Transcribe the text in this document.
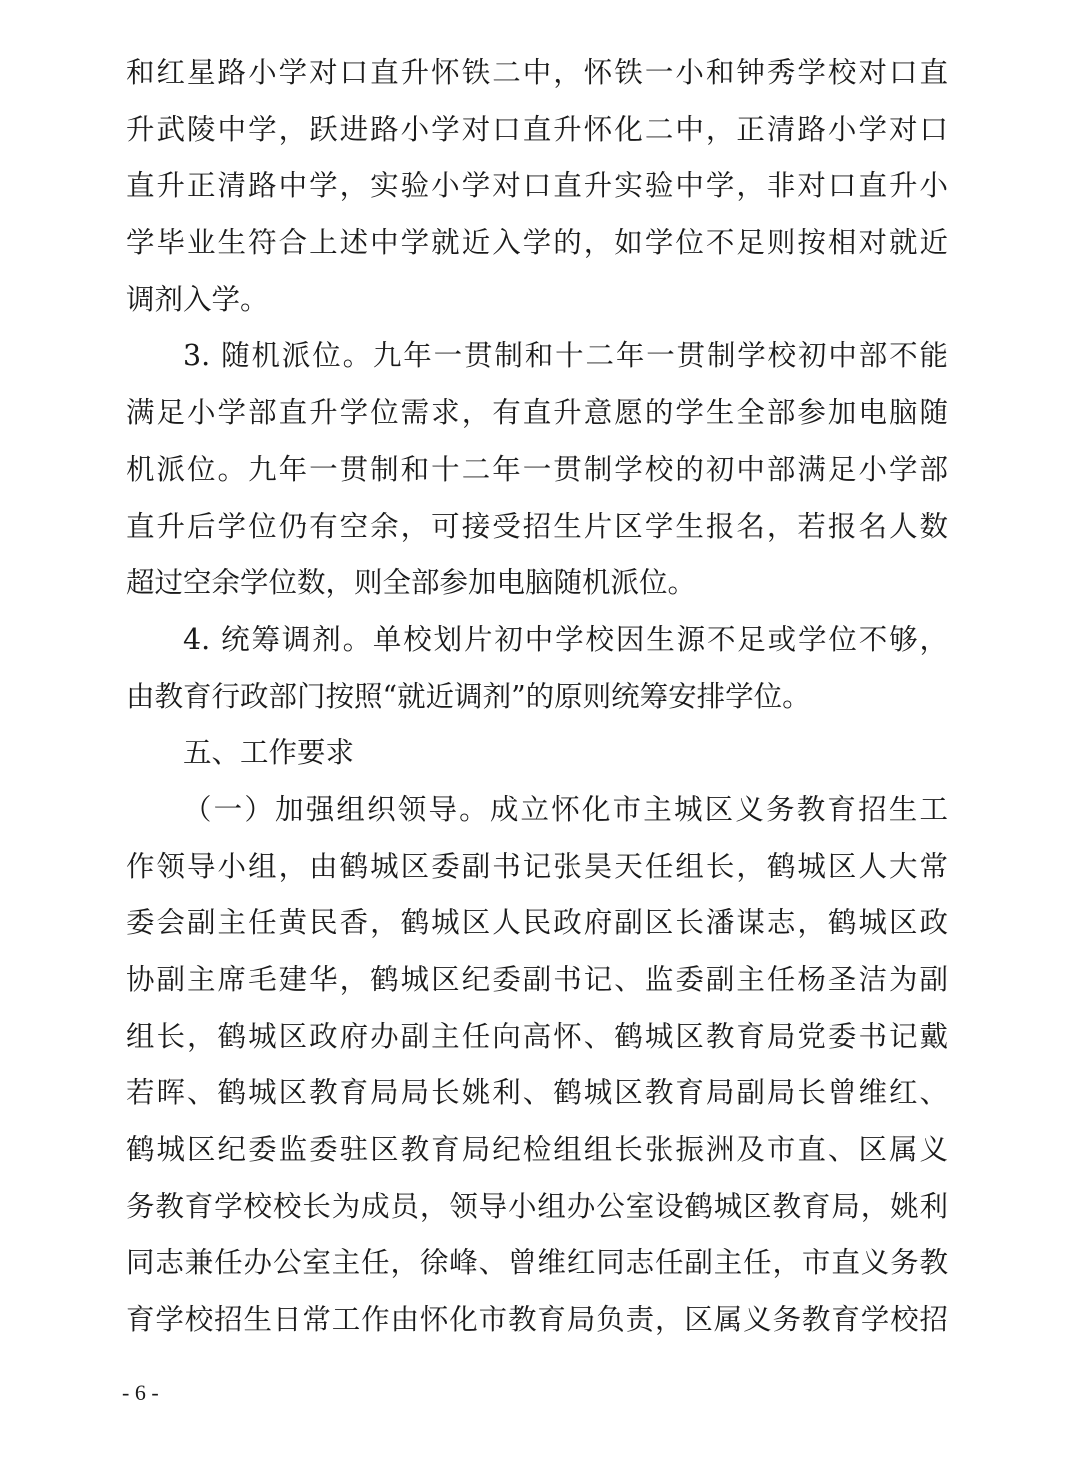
和红星路小学对口直升怀铁二中，怀铁一小和钟秀学校对口直
升武陵中学，跃进路小学对口直升怀化二中，正清路小学对口
直升正清路中学，实验小学对口直升实验中学，非对口直升小
学毕业生符合上述中学就近入学的，如学位不足则按相对就近
调剂入学。
3. 随机派位。九年一贯制和十二年一贯制学校初中部不能
满足小学部直升学位需求，有直升意愿的学生全部参加电脑随
机派位。九年一贯制和十二年一贯制学校的初中部满足小学部
直升后学位仍有空余，可接受招生片区学生报名，若报名人数
超过空余学位数，则全部参加电脑随机派位。
4. 统筹调剂。单校划片初中学校因生源不足或学位不够，
由教育行政部门按照“就近调剂”的原则统筹安排学位。
五、工作要求
（一）加强组织领导。成立怀化市主城区义务教育招生工
作领导小组，由鹤城区委副书记张昊天任组长，鹤城区人大常
委会副主任黄民香，鹤城区人民政府副区长潘谋志，鹤城区政
协副主席毛建华，鹤城区纪委副书记、监委副主任杨圣洁为副
组长，鹤城区政府办副主任向高怀、鹤城区教育局党委书记戴
若晖、鹤城区教育局局长姚利、鹤城区教育局副局长曾维红、
鹤城区纪委监委驻区教育局纪检组组长张振洲及市直、区属义
务教育学校校长为成员，领导小组办公室设鹤城区教育局，姚利
同志兼任办公室主任，徐峰、曾维红同志任副主任，市直义务教
育学校招生日常工作由怀化市教育局负责，区属义务教育学校招
- 6 -
